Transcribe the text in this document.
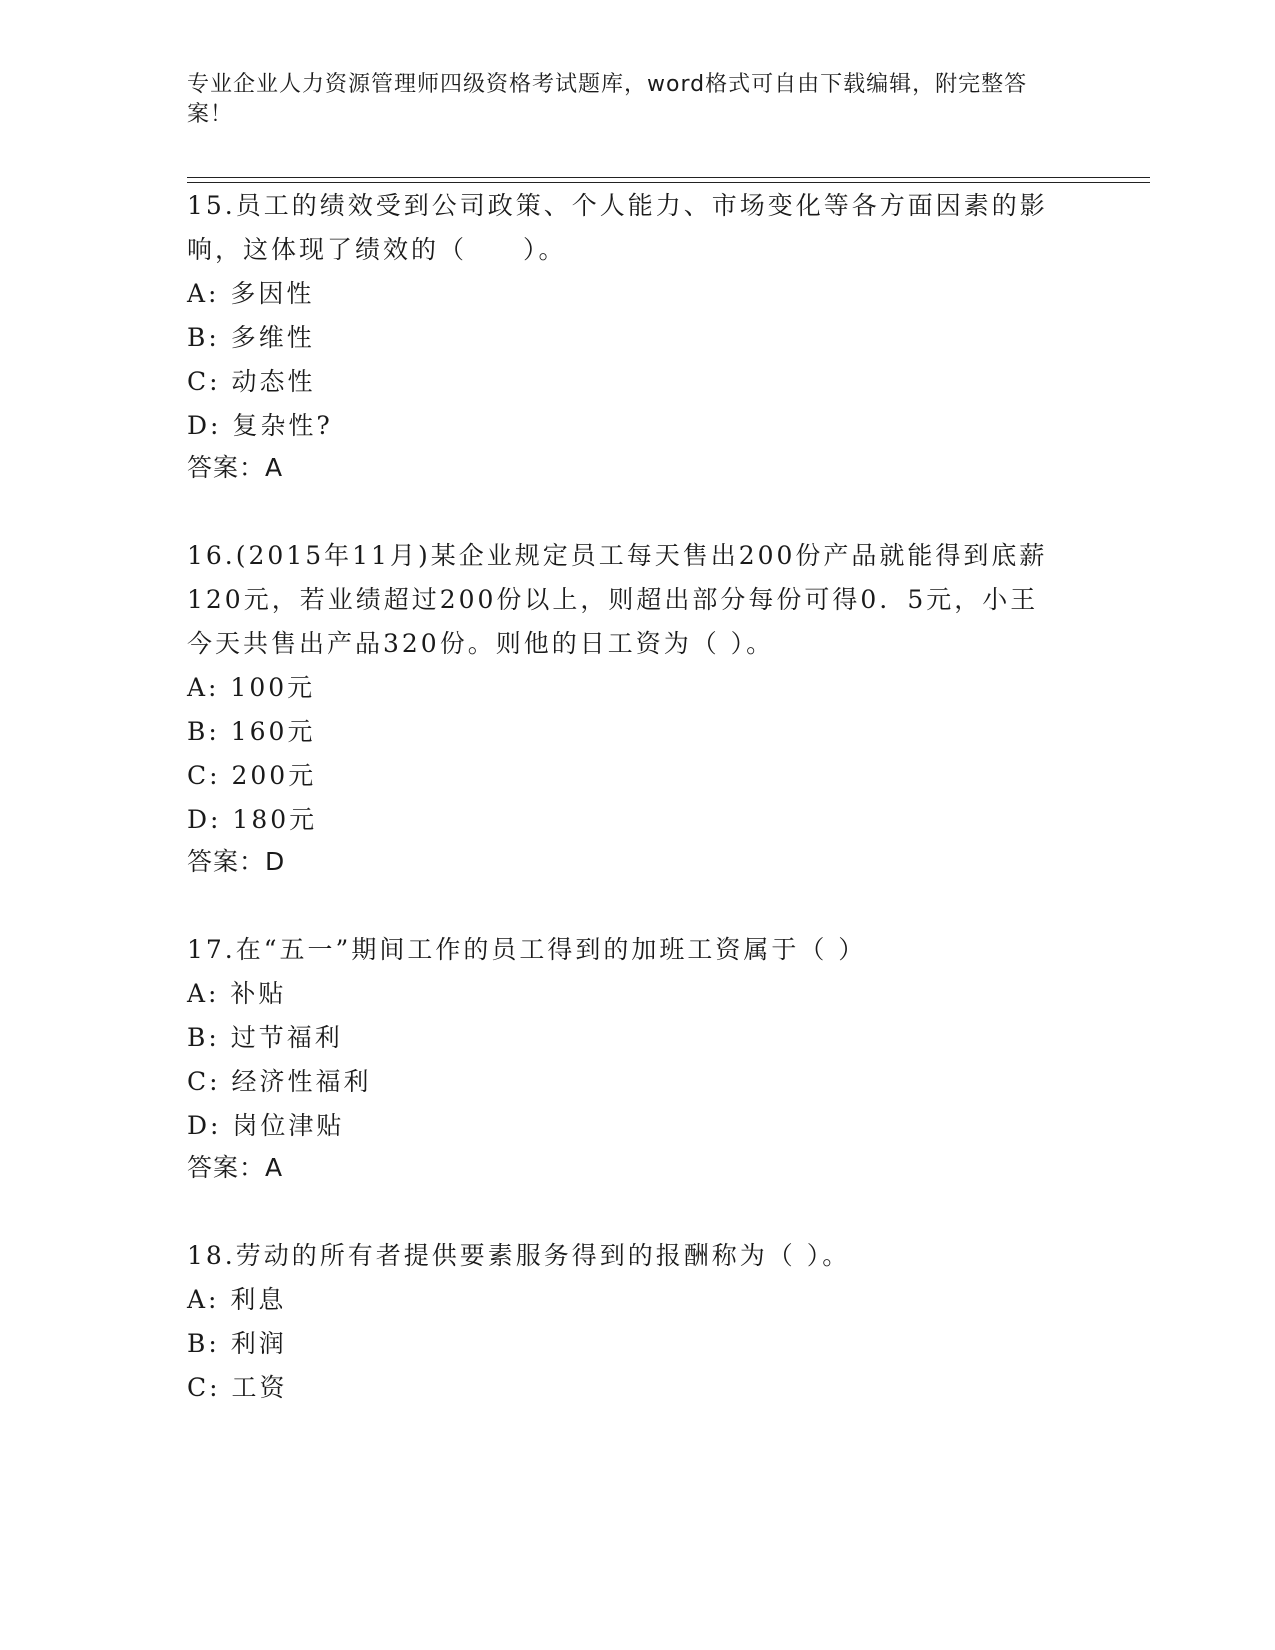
专业企业人力资源管理师四级资格考试题库，word格式可自由下载编辑，附完整答案！
15.员工的绩效受到公司政策、个人能力、市场变化等各方面因素的影
响，这体现了绩效的（　　）。
A: 多因性
B: 多维性
C: 动态性
D: 复杂性?
答案：A
16.(2015年11月)某企业规定员工每天售出200份产品就能得到底薪
120元，若业绩超过200份以上，则超出部分每份可得0．5元，小王
今天共售出产品320份。则他的日工资为（ ）。
A: 100元
B: 160元
C: 200元
D: 180元
答案：D
17.在“五一”期间工作的员工得到的加班工资属于（ ）
A: 补贴
B: 过节福利
C: 经济性福利
D: 岗位津贴
答案：A
18.劳动的所有者提供要素服务得到的报酬称为（ ）。
A: 利息
B: 利润
C: 工资
